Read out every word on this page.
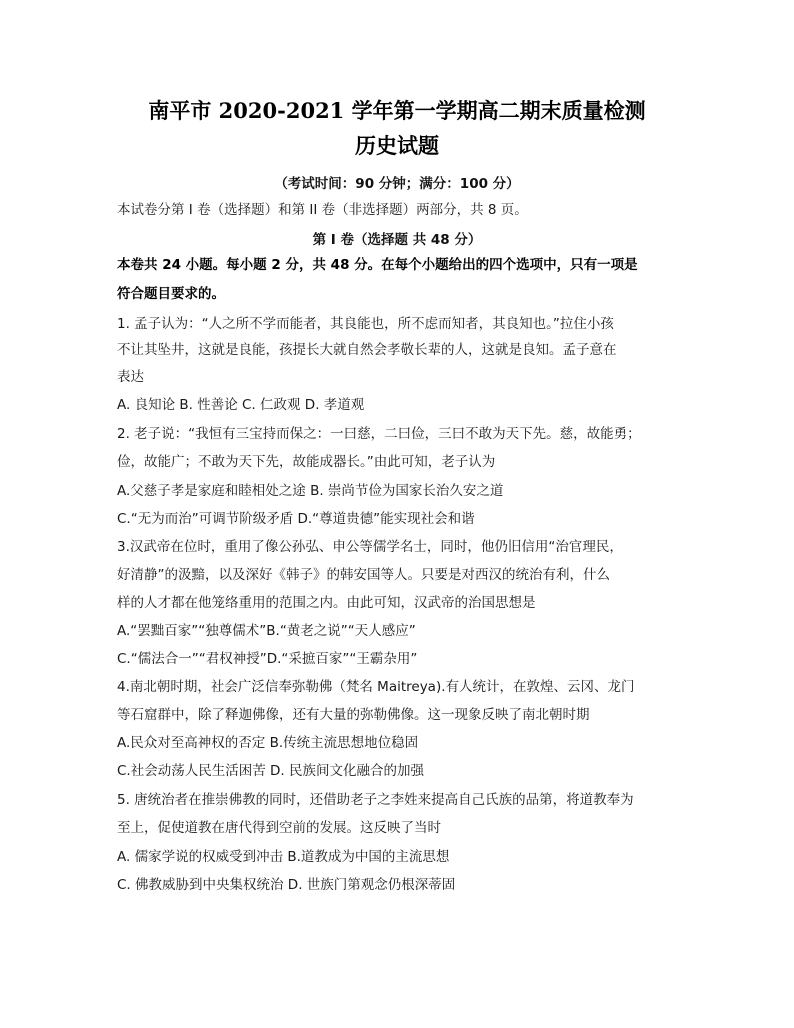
南平市 2020-2021 学年第一学期高二期末质量检测
历史试题
（考试时间：90 分钟；满分：100 分）
本试卷分第 I 卷（选择题）和第 II 卷（非选择题）两部分，共 8 页。
第 I 卷（选择题 共 48 分）
本卷共 24 小题。每小题 2 分，共 48 分。在每个小题给出的四个选项中，只有一项是
符合题目要求的。
1. 孟子认为：“人之所不学而能者，其良能也，所不虑而知者，其良知也。”拉住小孩
不让其坠井，这就是良能，孩提长大就自然会孝敬长辈的人，这就是良知。孟子意在
表达
A. 良知论 B. 性善论 C. 仁政观 D. 孝道观
2. 老子说：“我恒有三宝持而保之：一曰慈，二曰俭，三曰不敢为天下先。慈，故能勇；
俭，故能广；不敢为天下先，故能成器长。”由此可知，老子认为
A.父慈子孝是家庭和睦相处之途 B. 崇尚节俭为国家长治久安之道
C.“无为而治”可调节阶级矛盾 D.“尊道贵德”能实现社会和谐
3.汉武帝在位时，重用了像公孙弘、申公等儒学名士，同时，他仍旧信用“治官理民，
好清静”的汲黯，以及深好《韩子》的韩安国等人。只要是对西汉的统治有利，什么
样的人才都在他笼络重用的范围之内。由此可知，汉武帝的治国思想是
A.“罢黜百家”“独尊儒术”B.“黄老之说”“天人感应”
C.“儒法合一”“君权神授”D.“采摭百家”“王霸杂用”
4.南北朝时期，社会广泛信奉弥勒佛（梵名 Maitreya).有人统计，在敦煌、云冈、龙门
等石窟群中，除了释迦佛像，还有大量的弥勒佛像。这一现象反映了南北朝时期
A.民众对至高神权的否定 B.传统主流思想地位稳固
C.社会动荡人民生活困苦 D. 民族间文化融合的加强
5. 唐统治者在推崇佛教的同时，还借助老子之李姓来提高自己氏族的品第，将道教奉为
至上，促使道教在唐代得到空前的发展。这反映了当时
A. 儒家学说的权威受到冲击 B.道教成为中国的主流思想
C. 佛教威胁到中央集权统治 D. 世族门第观念仍根深蒂固
